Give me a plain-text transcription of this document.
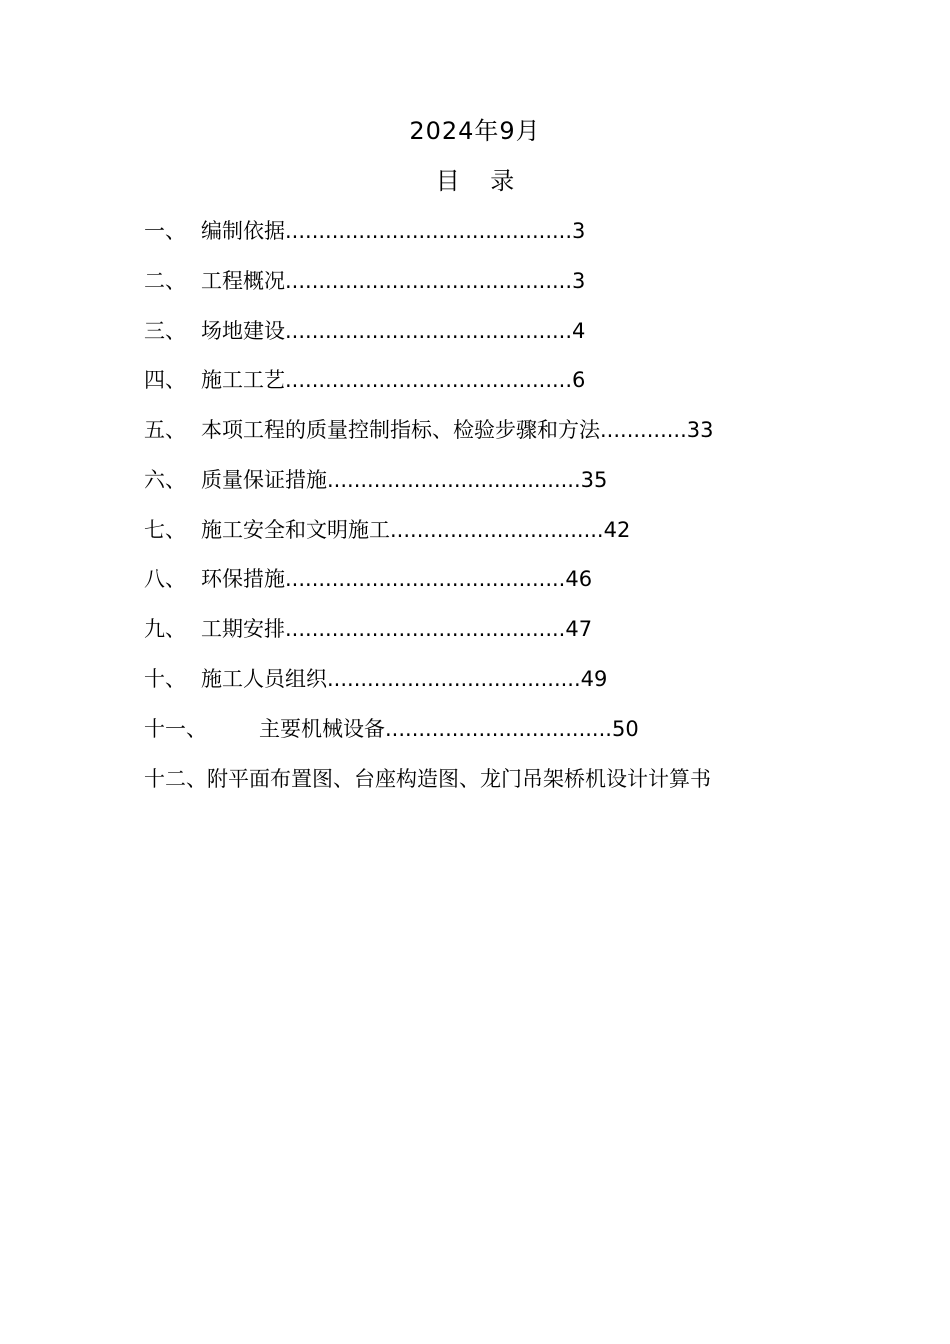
2024年9月
目    录
一、 编制依据...........................................3
二、 工程概况...........................................3
三、 场地建设...........................................4
四、 施工工艺...........................................6
五、 本项工程的质量控制指标、检验步骤和方法.............33
六、 质量保证措施......................................35
七、 施工安全和文明施工................................42
八、 环保措施..........................................46
九、 工期安排..........................................47
十、 施工人员组织......................................49
十一、 主要机械设备..................................50
十二、附平面布置图、台座构造图、龙门吊架桥机设计计算书
